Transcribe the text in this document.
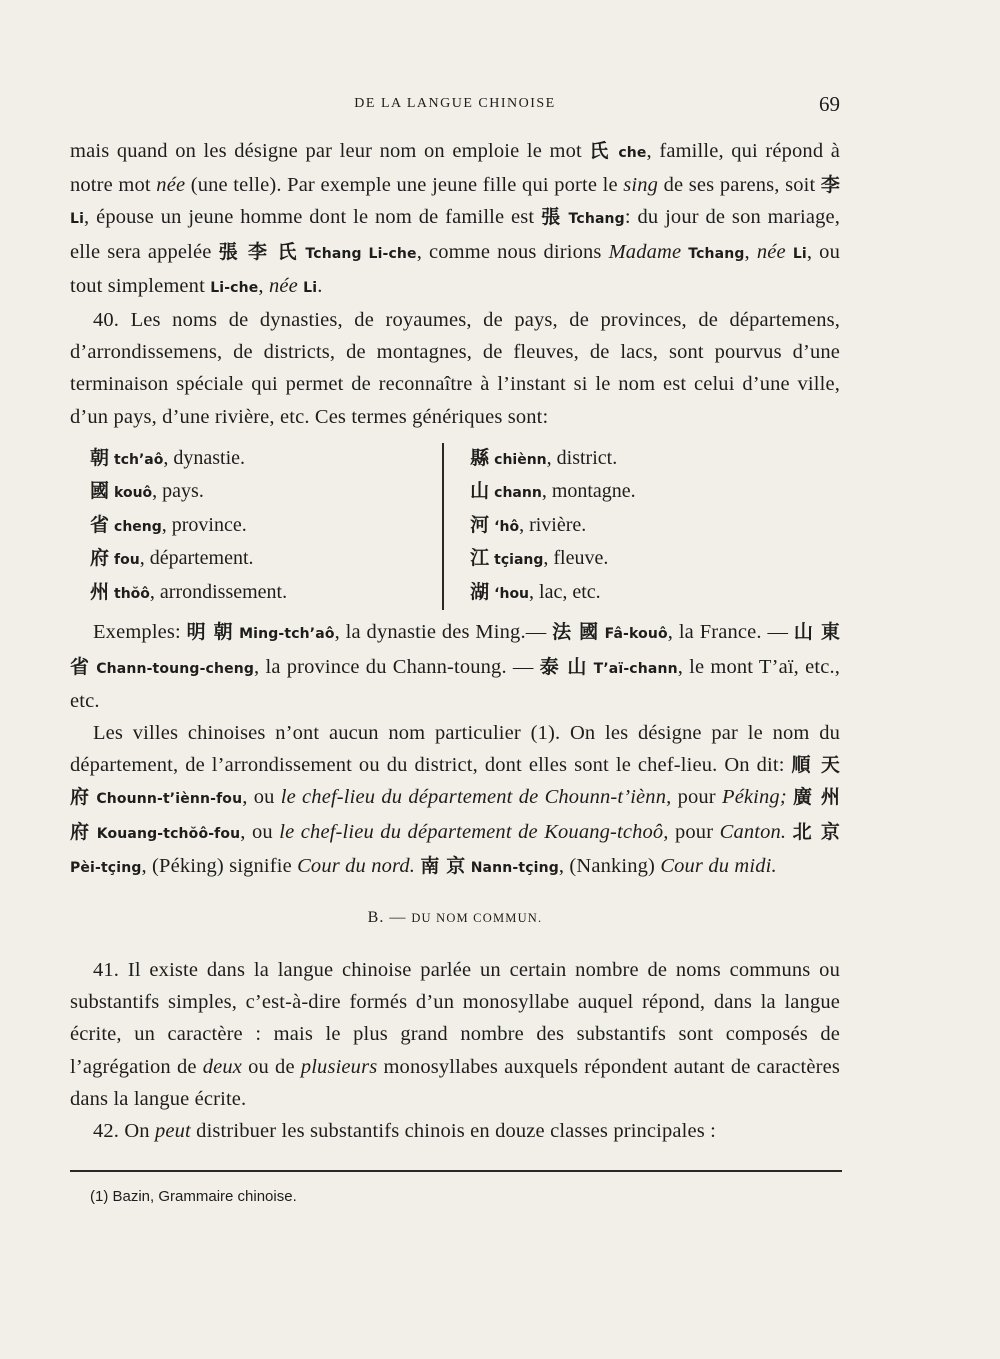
DE LA LANGUE CHINOISE	69

mais quand on les désigne par leur nom on emploie le mot 氏 che, famille, qui répond à notre mot née (une telle). Par exemple une jeune fille qui porte le sing de ses parens, soit 李 Li, épouse un jeune homme dont le nom de famille est 張 Tchang: du jour de son mariage, elle sera appelée 張 李 氏 Tchang Li-che, comme nous dirions Madame Tchang, née Li, ou tout simplement Li-che, née Li.

40. Les noms de dynasties, de royaumes, de pays, de provinces, de départemens, d’arrondissemens, de districts, de montagnes, de fleuves, de lacs, sont pourvus d’une terminaison spéciale qui permet de reconnaître à l’instant si le nom est celui d’une ville, d’un pays, d’une rivière, etc. Ces termes génériques sont:

朝 tch’aô, dynastie.
國 kouô, pays.
省 cheng, province.
府 fou, département.
州 thŏô, arrondissement.
縣 chiènn, district.
山 chann, montagne.
河 ‘hô, rivière.
江 tçiang, fleuve.
湖 ‘hou, lac, etc.

Exemples: 明 朝 Ming-tch’aô, la dynastie des Ming.— 法 國 Fâ-kouô, la France. — 山 東 省 Chann-toung-cheng, la province du Chann-toung. — 泰 山 T’aï-chann, le mont T’aï, etc., etc.

Les villes chinoises n’ont aucun nom particulier (1). On les désigne par le nom du département, de l’arrondissement ou du district, dont elles sont le chef-lieu. On dit: 順 天 府 Chounn-t’iènn-fou, ou le chef-lieu du département de Chounn-t’iènn, pour Péking; 廣 州 府 Kouang-tchŏô-fou, ou le chef-lieu du département de Kouang-tchoô, pour Canton. 北 京 Pèi-tçing, (Péking) signifie Cour du nord. 南 京 Nann-tçing, (Nanking) Cour du midi.

B. — DU NOM COMMUN.

41. Il existe dans la langue chinoise parlée un certain nombre de noms communs ou substantifs simples, c’est-à-dire formés d’un monosyllabe auquel répond, dans la langue écrite, un caractère : mais le plus grand nombre des substantifs sont composés de l’agrégation de deux ou de plusieurs monosyllabes auxquels répondent autant de caractères dans la langue écrite.

42. On peut distribuer les substantifs chinois en douze classes principales :

(1) Bazin, Grammaire chinoise.
